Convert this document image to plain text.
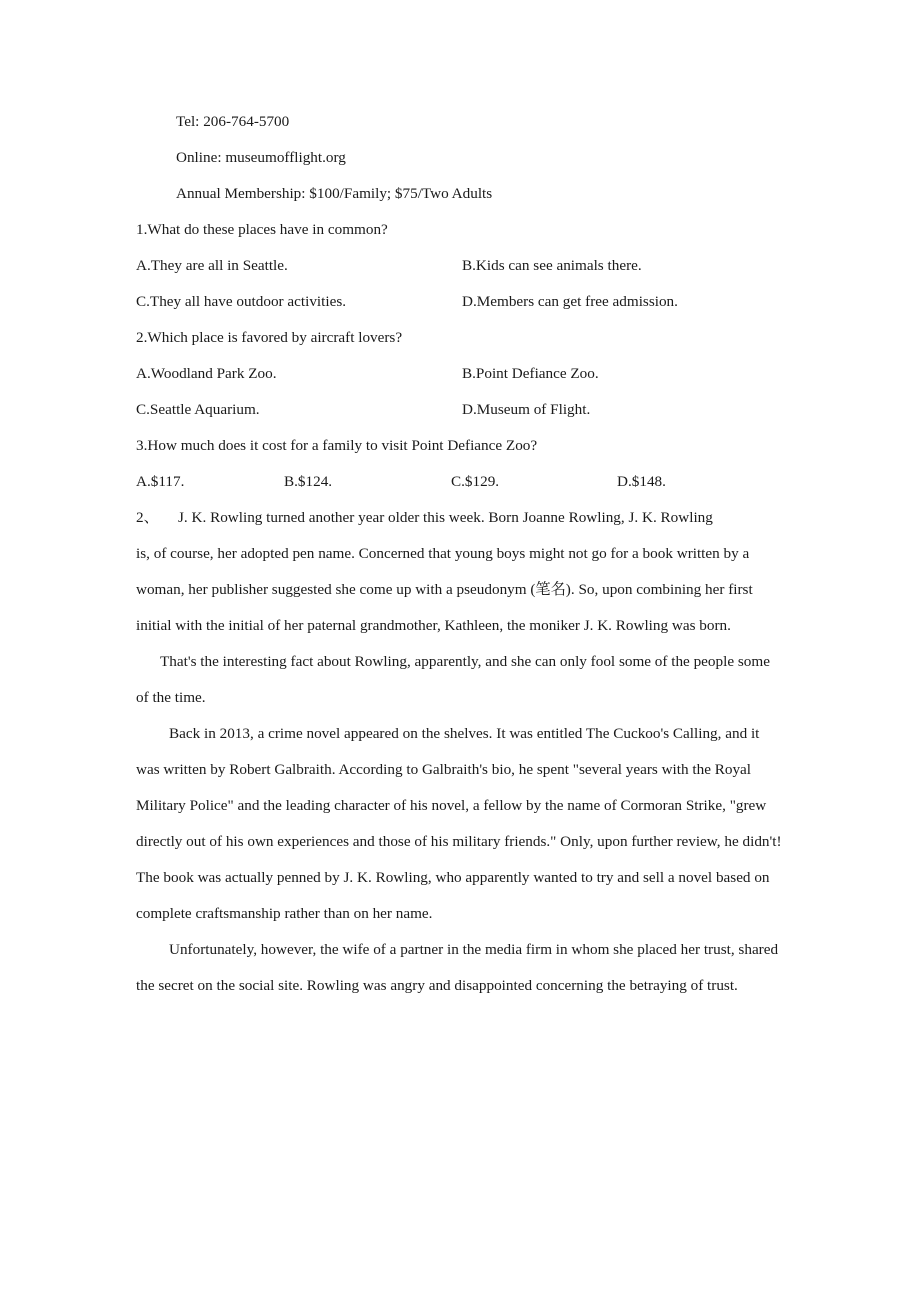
Tel: 206-764-5700
Online: museumofflight.org
Annual Membership: $100/Family; $75/Two Adults
1.What do these places have in common?
A.They are all in Seattle.	B.Kids can see animals there.
C.They all have outdoor activities.	D.Members can get free admission.
2.Which place is favored by aircraft lovers?
A.Woodland Park Zoo.	B.Point Defiance Zoo.
C.Seattle Aquarium.	D.Museum of Flight.
3.How much does it cost for a family to visit Point Defiance Zoo?
A.$117.	B.$124.	C.$129.	D.$148.
2、 J. K. Rowling turned another year older this week. Born Joanne Rowling, J. K. Rowling

is, of course, her adopted pen name. Concerned that young boys might not go for a book written by a woman, her publisher suggested she come up with a pseudonym (笔名). So, upon combining her first initial with the initial of her paternal grandmother, Kathleen, the moniker J. K. Rowling was born.

That's the interesting fact about Rowling, apparently, and she can only fool some of the people some of the time.

Back in 2013, a crime novel appeared on the shelves. It was entitled The Cuckoo's Calling, and it was written by Robert Galbraith. According to Galbraith's bio, he spent "several years with the Royal Military Police" and the leading character of his novel, a fellow by the name of Cormoran Strike, "grew directly out of his own experiences and those of his military friends." Only, upon further review, he didn't! The book was actually penned by J. K. Rowling, who apparently wanted to try and sell a novel based on complete craftsmanship rather than on her name.

Unfortunately, however, the wife of a partner in the media firm in whom she placed her trust, shared the secret on the social site. Rowling was angry and disappointed concerning the betraying of trust.
